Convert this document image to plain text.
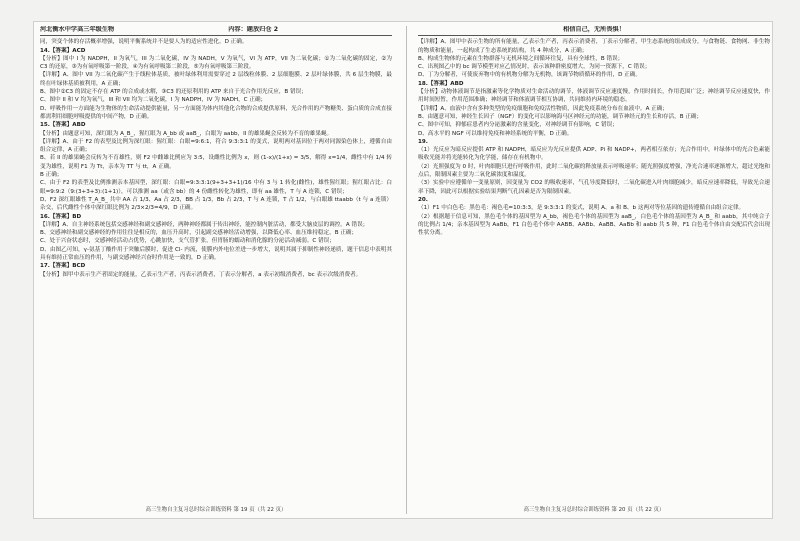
河北衡水中学高三年级生物	内容：题放归仓 2

同，突变个体的存活概率增强，说明平衡系统并不是要人为的适应性进化。D 正确。

14.【答案】ACD

【分析】图中 I 为 NADPH，II 为氧气，III 为二氧化碳，IV 为 NADH，V 为氧气，VI 为 ATP，VII 为二氧化碳；①为二氧化碳的固定，②为 C3 的还原，③为有氧呼吸第一阶段，④为有氧呼吸第二阶段，⑤为有氧呼吸第三阶段。

【详解】A、图中 VII 为二氧化碳产生于线粒体基质，被叶绿体利用需要穿过 2 层线粒体膜、2 层细胞膜、2 层叶绿体膜，共 6 层生物膜，最终在叶绿体基质被利用，A 正确；

B、图中②C3 的固定不存在 ATP 的合成或水解，③C3 的还原利用的 ATP 来自于光合作用光反应，B 错误；

C、图中 II 和 V 均为氧气，III 和 VII 均为二氧化碳，I 为 NADPH，IV 为 NADH，C 正确；

D、呼吸作用一方面能为生物体的生命活动提供能量，另一方面能为体内其他化合物的合成提供原料，光合作用的产物糖类、蛋白质的合成直接都需利用细胞呼吸提供的中间产物，D 正确。

15.【答案】ABD

【分析】由题意可知，深红眼为 A_B_，猩红眼为 A_bb 或 aaB_，白眼为 aabb，II 的雄果蝇会反转为不育的雄果蝇。

【详解】A、由于 F2 的表型及比例为深红眼：猩红眼：白眼=9:6:1，符合 9:3:3:1 的变式，说明两对基因位于两对同源染色体上，遵循自由组合定律，A 正确；

B、若 II 的雄果蝇会反转为不育雄性，则 F2 中雌雄比例应为 3:5，设雌性比例为 x，则 (1-x)/(1+x) = 3/5，解得 x=1/4，雌性中有 1/4 转变为雄性，说明 F1 为 Tt，亲本为 TT 与 tt，A 正确。

B 正确；

C、由于 F2 的表型及比例推测亲本基因型，深红眼：白眼=9:3:3:1(9+3+3+1)/16 中有 3 与 1 转化(雌性)，雄性猩红眼；猩红眼占比：白眼=9:9:2（9:(3+3+3):(1+1)），可以推测 aa（或含 bb）的 4 份雌性转化为雄性，即有 aa 雄性，T 与 A 连锁，C 错误；

D、F2 深红眼雄性 T_A_B_ 共中 AA 占 1/3、Aa 占 2/3，BB 占 1/3，Bb 占 2/3，T 与 A 连锁，T 占 1/2，与白眼雄 ttaabb（t 与 a 连锁）杂交，后代雌性个体中深红眼比例为 2/3×2/3=4/9，D 正确。

16.【答案】BD

【详解】A、自主神经系统包括交感神经和副交感神经，两种神经都属于传出神经，能控制内脏活动，都受大脑皮层的调控。A 错误；

B、交感神经和副交感神经的作用往往是相反的，血压升高时，引起副交感神经活动增强，以降低心率、血压维持稳定，B 正确；

C、处于兴奋状态时，交感神经活动占优势，心跳加快，支气管扩张，但胃肠的蠕动和消化腺的分泌活动减弱。C 错误；

D、由图乙可知，γ-氨基丁酸作用于突触后膜时，促进 Cl- 内流，使膜内外电位差进一步增大，说明其属于抑制性神经递质，题干信息中表明其具有维持正常血压的作用，与副交感神经兴奋时作用是一致的，D 正确。

17.【答案】BCD

【分析】图甲中表示生产者固定的能量，乙表示生产者，丙表示消费者，丁表示分解者，a 表示初级消费者，bc 表示次级消费者。

高三生物自主复习总时综合训练资料 第 19 页（共 22 页）
相信自己，无所畏惧！

【详解】A、图甲中表示生物的所有能量，乙表示生产者，丙表示消费者，丁表示分解者，甲生态系统的组成成分，与食物链、食物网、非生物的物质和能量，一起构成了生态系统的结构，共 4 种成分，A 正确；

B、构成生物体的元素在生物群落与无机环境之间循环往复，具有全球性，B 错误；

C、出现图乙中的 bc 调节模型对应乙情况时，表示该种群密度增大，为同一资源下，C 错误；

D、丁为分解者，可使废弃物中的有机物分解为无机物，该调节物质循环的作用，D 正确。

18.【答案】ABD

【分析】动物体液调节是指激素等化学物质对生命活动的调节，体液调节反应速度慢，作用时间长，作用范围广泛；神经调节反应速度快，作用时间短暂，作用范围准确；神经调节和体液调节相互协调，共同维持内环境的稳态。

【详解】A、血液中含有多种类型的免疫细胞和免疫活性物质，因此免疫系统分布在血液中。A 正确；

B、由题意可知，神经生长因子（NGF）的变化可以影响海马区神经元的功能，调节神经元的生长和存活，B 正确；

C、图中可知，抑郁症患者内分泌激素的含量变化，对神经调节有影响，C 错误；

D、高水平的 NGF 可以维持免疫和神经系统的平衡，D 正确。

19.

（1）光反应为暗反应提供 ATP 和 NADPH，暗反应为光反应提供 ADP、Pi 和 NADP+，两者相互依存；光合作用中，叶绿体中的光合色素能吸收光能并将光能转化为化学能，储存在有机物中。

（2）光照强度为 0 时，叶肉细胞只进行呼吸作用，此时二氧化碳的释放量表示呼吸速率；随光照强度增强，净光合速率逐渐增大，超过光饱和点后，限制因素主要为二氧化碳浓度和温度。

（3）实验中应遵循单一变量原则，因变量为 CO2 的吸收速率，气孔导度降低时，二氧化碳进入叶肉细胞减少，暗反应速率降低，导致光合速率下降，因此可以根据实验结果判断气孔因素是否为限制因素。

20.

（1）F1 中白色毛：黑色毛：褐色毛=10:3:3，是 9:3:3:1 的变式，说明 A、a 和 B、b 这两对等位基因的遗传遵循自由组合定律。

（2）根据题干信息可知，黑色毛个体的基因型为 A_bb，褐色毛个体的基因型为 aaB_，白色毛个体的基因型为 A_B_ 和 aabb，其中纯合子的比例占 1/4；亲本基因型为 AaBb，F1 白色毛个体中 AABB、AABb、AaBB、AaBb 和 aabb 共 5 种，F1 白色毛个体自由交配后代会出现性状分离。

高三生物自主复习总时综合训练资料 第 20 页（共 22 页）
